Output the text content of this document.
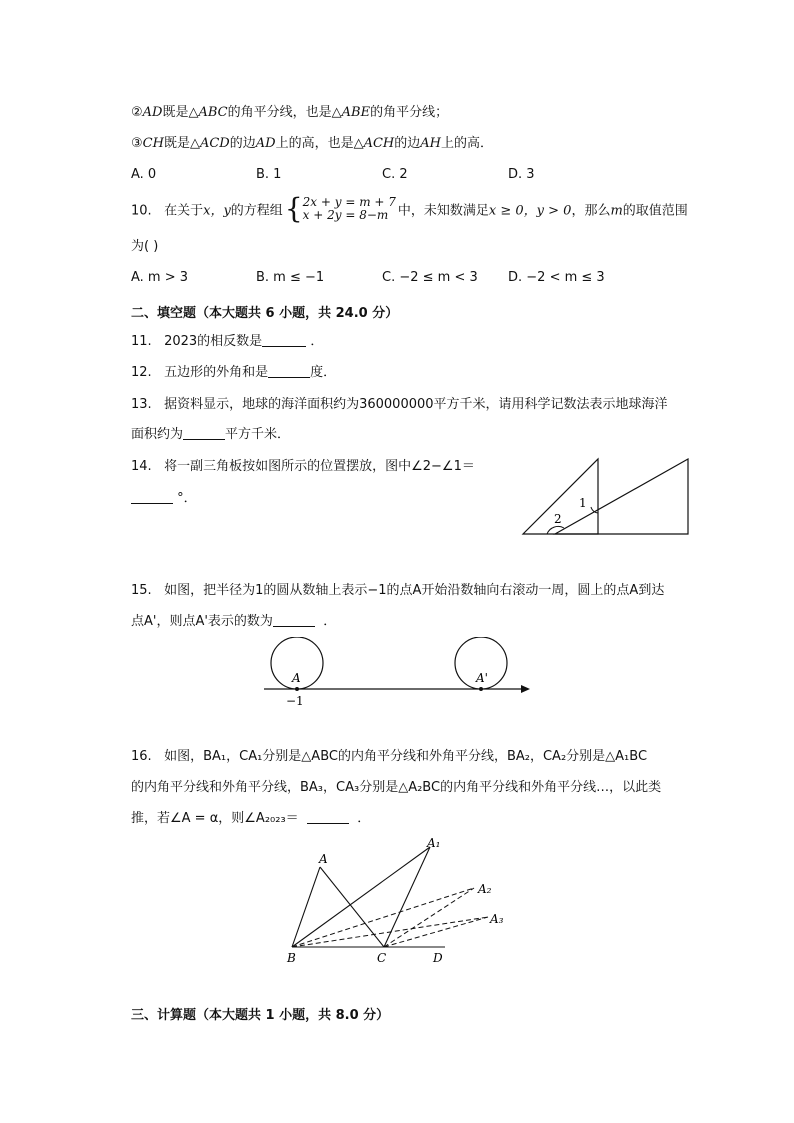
②AD既是△ABC的角平分线，也是△ABE的角平分线；
③CH既是△ACD的边AD上的高，也是△ACH的边AH上的高．
A. 0	B. 1	C. 2	D. 3
10. 在关于x，y的方程组{2x + y = m + 7
x + 2y = 8−m 中，未知数满足x ≥ 0，y > 0，那么m的取值范围
为( )
A. m > 3	B. m ≤ −1	C. −2 ≤ m < 3 D. −2 < m ≤ 3
二、填空题（本大题共 6 小题，共 24.0 分）
11. 2023的相反数是	．
12. 五边形的外角和是	度．
13. 据资料显示，地球的海洋面积约为360000000平方千米，请用科学记数法表示地球海洋
面积约为	平方千米．
14. 将一副三角板按如图所示的位置摆放，图中∠2−∠1＝
°．	1
2
15. 如图，把半径为1的圆从数轴上表示−1的点A开始沿数轴向右滚动一周，圆上的点A到达
点A'，则点A'表示的数为	．
A	A'
−1
16. 如图，BA₁，CA₁分别是△ABC的内角平分线和外角平分线，BA₂，CA₂分别是△A₁BC
的内角平分线和外角平分线，BA₃，CA₃分别是△A₂BC的内角平分线和外角平分线…，以此类
推，若∠A = α，则∠A₂₀₂₃＝	．
A
A₁
A₂
A₃
B	C	D
三、计算题（本大题共 1 小题，共 8.0 分）
